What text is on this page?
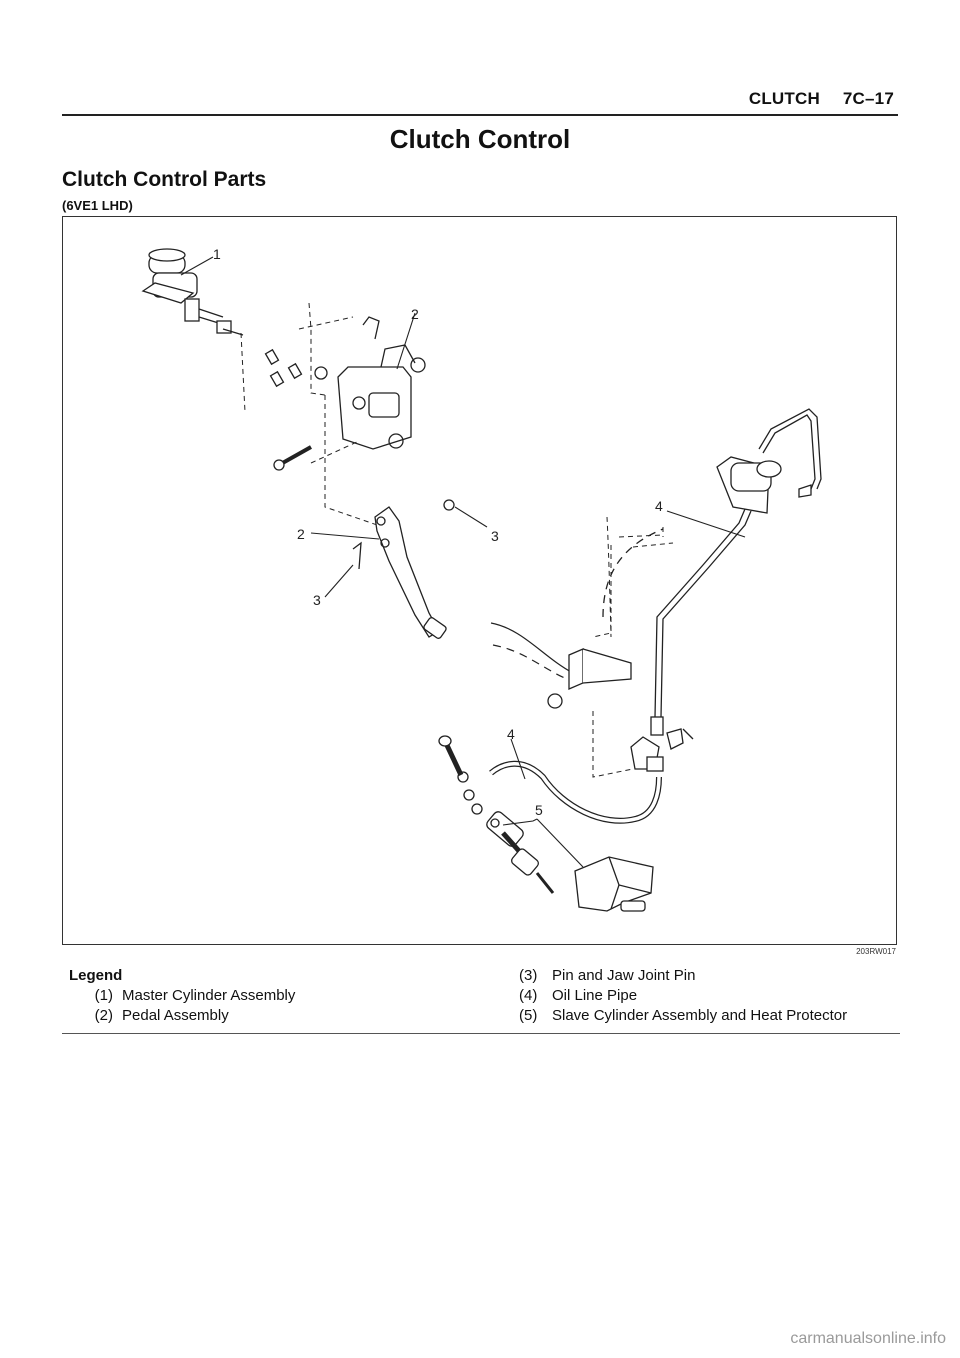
CLUTCH 7C–17
Clutch Control
Clutch Control Parts
(6VE1 LHD)
1
2
2	3
3
4
4
5
203RW017
Legend
(1) Master Cylinder Assembly
(2) Pedal Assembly
(3) Pin and Jaw Joint Pin
(4) Oil Line Pipe
(5) Slave Cylinder Assembly and Heat Protector
carmanualsonline.info
